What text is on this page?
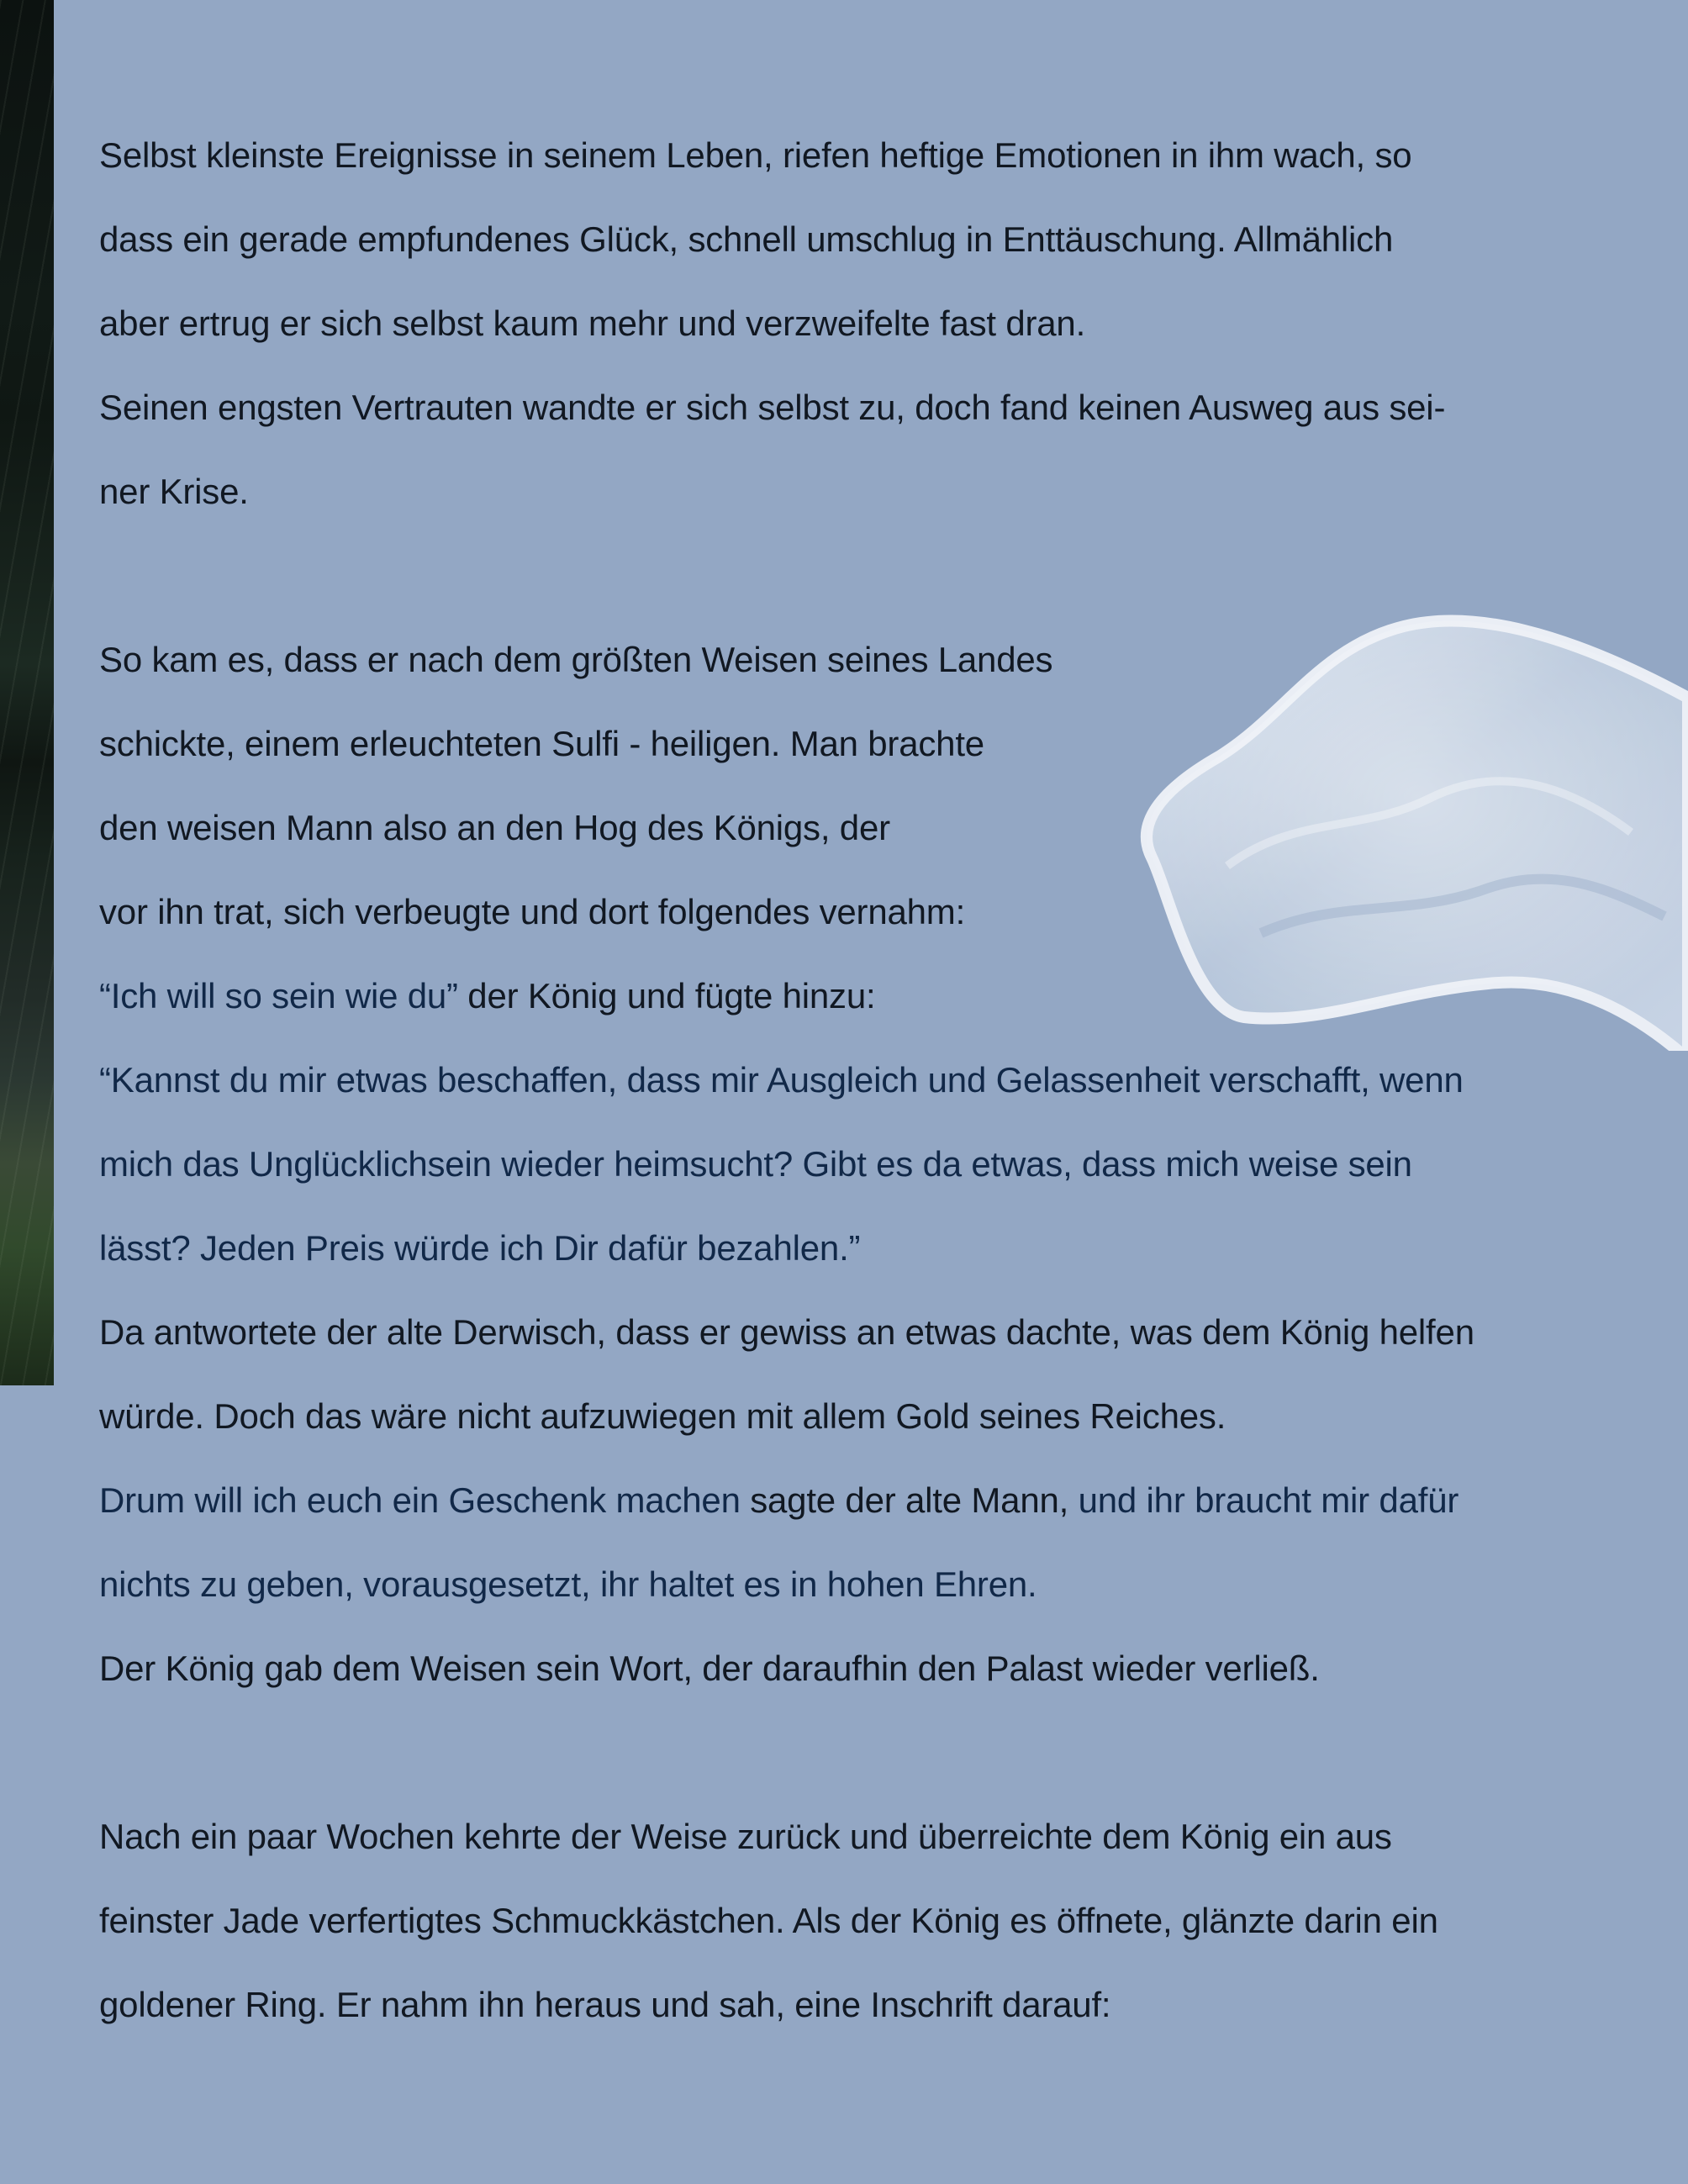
Selbst kleinste Ereignisse in seinem Leben, riefen heftige Emotionen in ihm wach, so

dass ein gerade empfundenes Glück, schnell umschlug in Enttäuschung. Allmählich

aber ertrug er sich selbst kaum mehr und verzweifelte fast dran.

Seinen engsten Vertrauten wandte er sich selbst zu, doch fand keinen Ausweg aus sei-

ner Krise.

So kam es, dass er nach dem größten Weisen seines Landes

schickte, einem erleuchteten Sulfi - heiligen. Man brachte

den weisen Mann also an den Hog des Königs, der

vor ihn trat, sich verbeugte und dort folgendes vernahm:

“Ich will so sein wie du” der König und fügte hinzu:

“Kannst du mir etwas beschaffen, dass mir Ausgleich und Gelassenheit verschafft, wenn

mich das Unglücklichsein wieder heimsucht? Gibt es da etwas, dass mich weise sein

lässt? Jeden Preis würde ich Dir dafür bezahlen.”

Da antwortete der alte Derwisch, dass er gewiss an etwas dachte, was dem König helfen

würde. Doch das wäre nicht aufzuwiegen mit allem Gold seines Reiches.

Drum will ich euch ein Geschenk machen sagte der alte Mann, und ihr braucht mir dafür

nichts zu geben, vorausgesetzt, ihr haltet es in hohen Ehren.

Der König gab dem Weisen sein Wort, der daraufhin den Palast wieder verließ.

Nach ein paar Wochen kehrte der Weise zurück und überreichte dem König ein aus

feinster Jade verfertigtes Schmuckkästchen. Als der König es öffnete, glänzte darin ein

goldener Ring. Er nahm ihn heraus und sah, eine Inschrift darauf:
